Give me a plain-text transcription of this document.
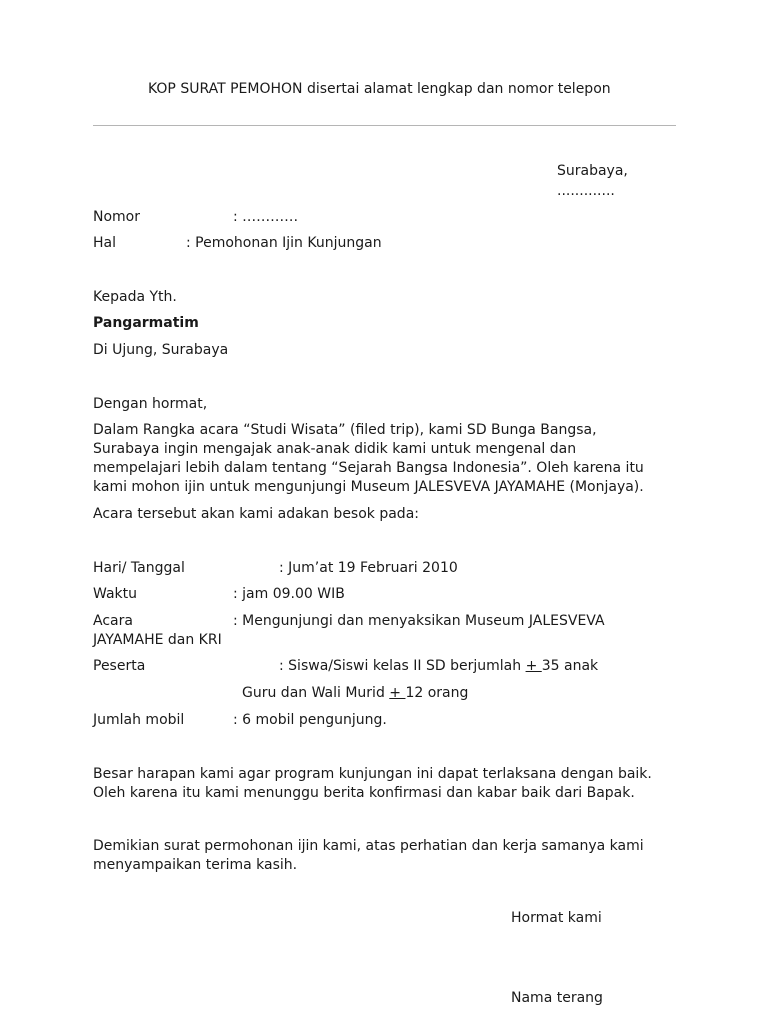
KOP SURAT PEMOHON disertai alamat lengkap dan nomor telepon
Surabaya,
.............
Nomor	: …………
Hal	: Pemohonan Ijin Kunjungan
Kepada Yth.
Pangarmatim
Di Ujung, Surabaya
Dengan hormat,
Dalam Rangka acara “Studi Wisata” (filed trip), kami SD Bunga Bangsa,
Surabaya ingin mengajak anak-anak didik kami untuk mengenal dan
mempelajari lebih dalam tentang “Sejarah Bangsa Indonesia”. Oleh karena itu
kami mohon ijin untuk mengunjungi Museum JALESVEVA JAYAMAHE (Monjaya).
Acara tersebut akan kami adakan besok pada:
Hari/ Tanggal	: Jum’at 19 Februari 2010
Waktu	: jam 09.00 WIB
Acara	: Mengunjungi dan menyaksikan Museum JALESVEVA
JAYAMAHE dan KRI
Peserta	: Siswa/Siswi kelas II SD berjumlah + 35 anak
Guru dan Wali Murid + 12 orang
Jumlah mobil	: 6 mobil pengunjung.
Besar harapan kami agar program kunjungan ini dapat terlaksana dengan baik.
Oleh karena itu kami menunggu berita konfirmasi dan kabar baik dari Bapak.
Demikian surat permohonan ijin kami, atas perhatian dan kerja samanya kami
menyampaikan terima kasih.
Hormat kami
Nama terang
